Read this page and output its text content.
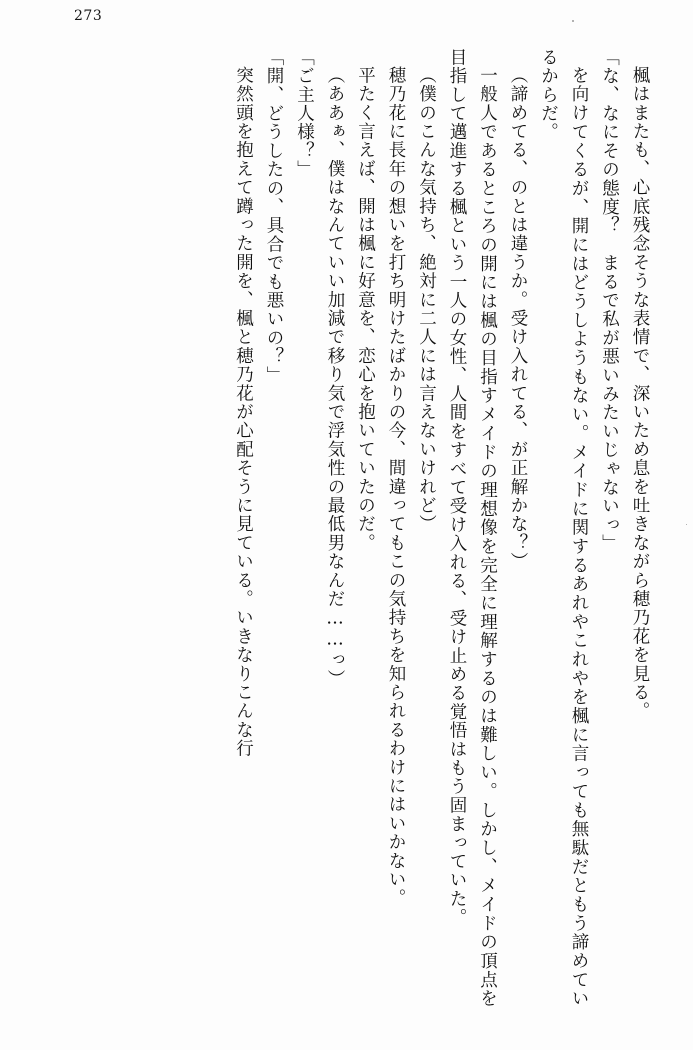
273

楓はまたも、心底残念そうな表情で、深いため息を吐きながら穂乃花を見る。

「な、なにその態度？　まるで私が悪いみたいじゃないっ」

を向けてくるが、開にはどうしようもない。メイドに関するあれやこれやを楓に言っても無駄だともう諦めているからだ。

（諦めてる、のとは違うか。受け入れてる、が正解かな？）

一般人であるところの開には楓の目指すメイドの理想像を完全に理解するのは難しい。しかし、メイドの頂点を目指して邁進する楓という一人の女性、人間をすべて受け入れる、受け止める覚悟はもう固まっていた。

（僕のこんな気持ち、絶対に二人には言えないけれど）

穂乃花に長年の想いを打ち明けたばかりの今、間違ってもこの気持ちを知られるわけにはいかない。

平たく言えば、開は楓に好意を、恋心を抱いていたのだ。

（ああぁ、僕はなんていい加減で移り気で浮気性の最低男なんだ……っ）

「ご主人様？」

「開、どうしたの、具合でも悪いの？」

突然頭を抱えて蹲った開を、楓と穂乃花が心配そうに見ている。いきなりこんな行
